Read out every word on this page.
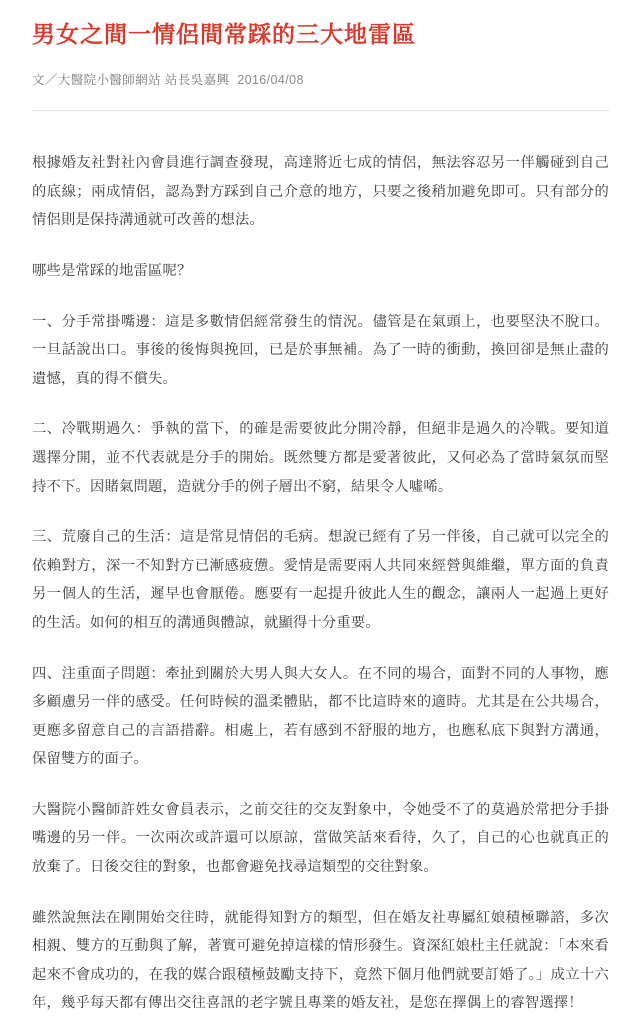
男女之間一情侶間常踩的三大地雷區
文／大醫院小醫師網站 站長吳嘉興 2016/04/08

根據婚友社對社內會員進行調查發現，高達將近七成的情侶，無法容忍另一伴觸碰到自己的底線；兩成情侶，認為對方踩到自己介意的地方，只要之後稍加避免即可。只有部分的情侶則是保持溝通就可改善的想法。

哪些是常踩的地雷區呢？

一、分手常掛嘴邊：這是多數情侶經常發生的情況。儘管是在氣頭上，也要堅決不脫口。一旦話說出口。事後的後悔與挽回，已是於事無補。為了一時的衝動，換回卻是無止盡的遺憾，真的得不償失。

二、冷戰期過久：爭執的當下，的確是需要彼此分開冷靜，但絕非是過久的冷戰。要知道選擇分開，並不代表就是分手的開始。既然雙方都是愛著彼此，又何必為了當時氣氛而堅持不下。因賭氣問題，造就分手的例子層出不窮，結果令人噓唏。

三、荒廢自己的生活：這是常見情侶的毛病。想說已經有了另一伴後，自己就可以完全的依賴對方，深一不知對方已漸感疲憊。愛情是需要兩人共同來經營與維繼，單方面的負責另一個人的生活，遲早也會厭倦。應要有一起提升彼此人生的觀念，讓兩人一起過上更好的生活。如何的相互的溝通與體諒，就顯得十分重要。

四、注重面子問題：牽扯到關於大男人與大女人。在不同的場合，面對不同的人事物，應多顧慮另一伴的感受。任何時候的溫柔體貼，都不比這時來的適時。尤其是在公共場合，更應多留意自己的言語措辭。相處上，若有感到不舒服的地方，也應私底下與對方溝通，保留雙方的面子。

大醫院小醫師許姓女會員表示，之前交往的交友對象中，令她受不了的莫過於常把分手掛嘴邊的另一伴。一次兩次或許還可以原諒，當做笑話來看待，久了，自己的心也就真正的放棄了。日後交往的對象，也都會避免找尋這類型的交往對象。

雖然說無法在剛開始交往時，就能得知對方的類型，但在婚友社專屬紅娘積極聯諮，多次相親、雙方的互動與了解，著實可避免掉這樣的情形發生。資深紅娘杜主任就說：「本來看起來不會成功的，在我的媒合跟積極鼓勵支持下，竟然下個月他們就要訂婚了。」成立十六年，幾乎每天都有傳出交往喜訊的老字號且專業的婚友社，是您在擇偶上的睿智選擇！
